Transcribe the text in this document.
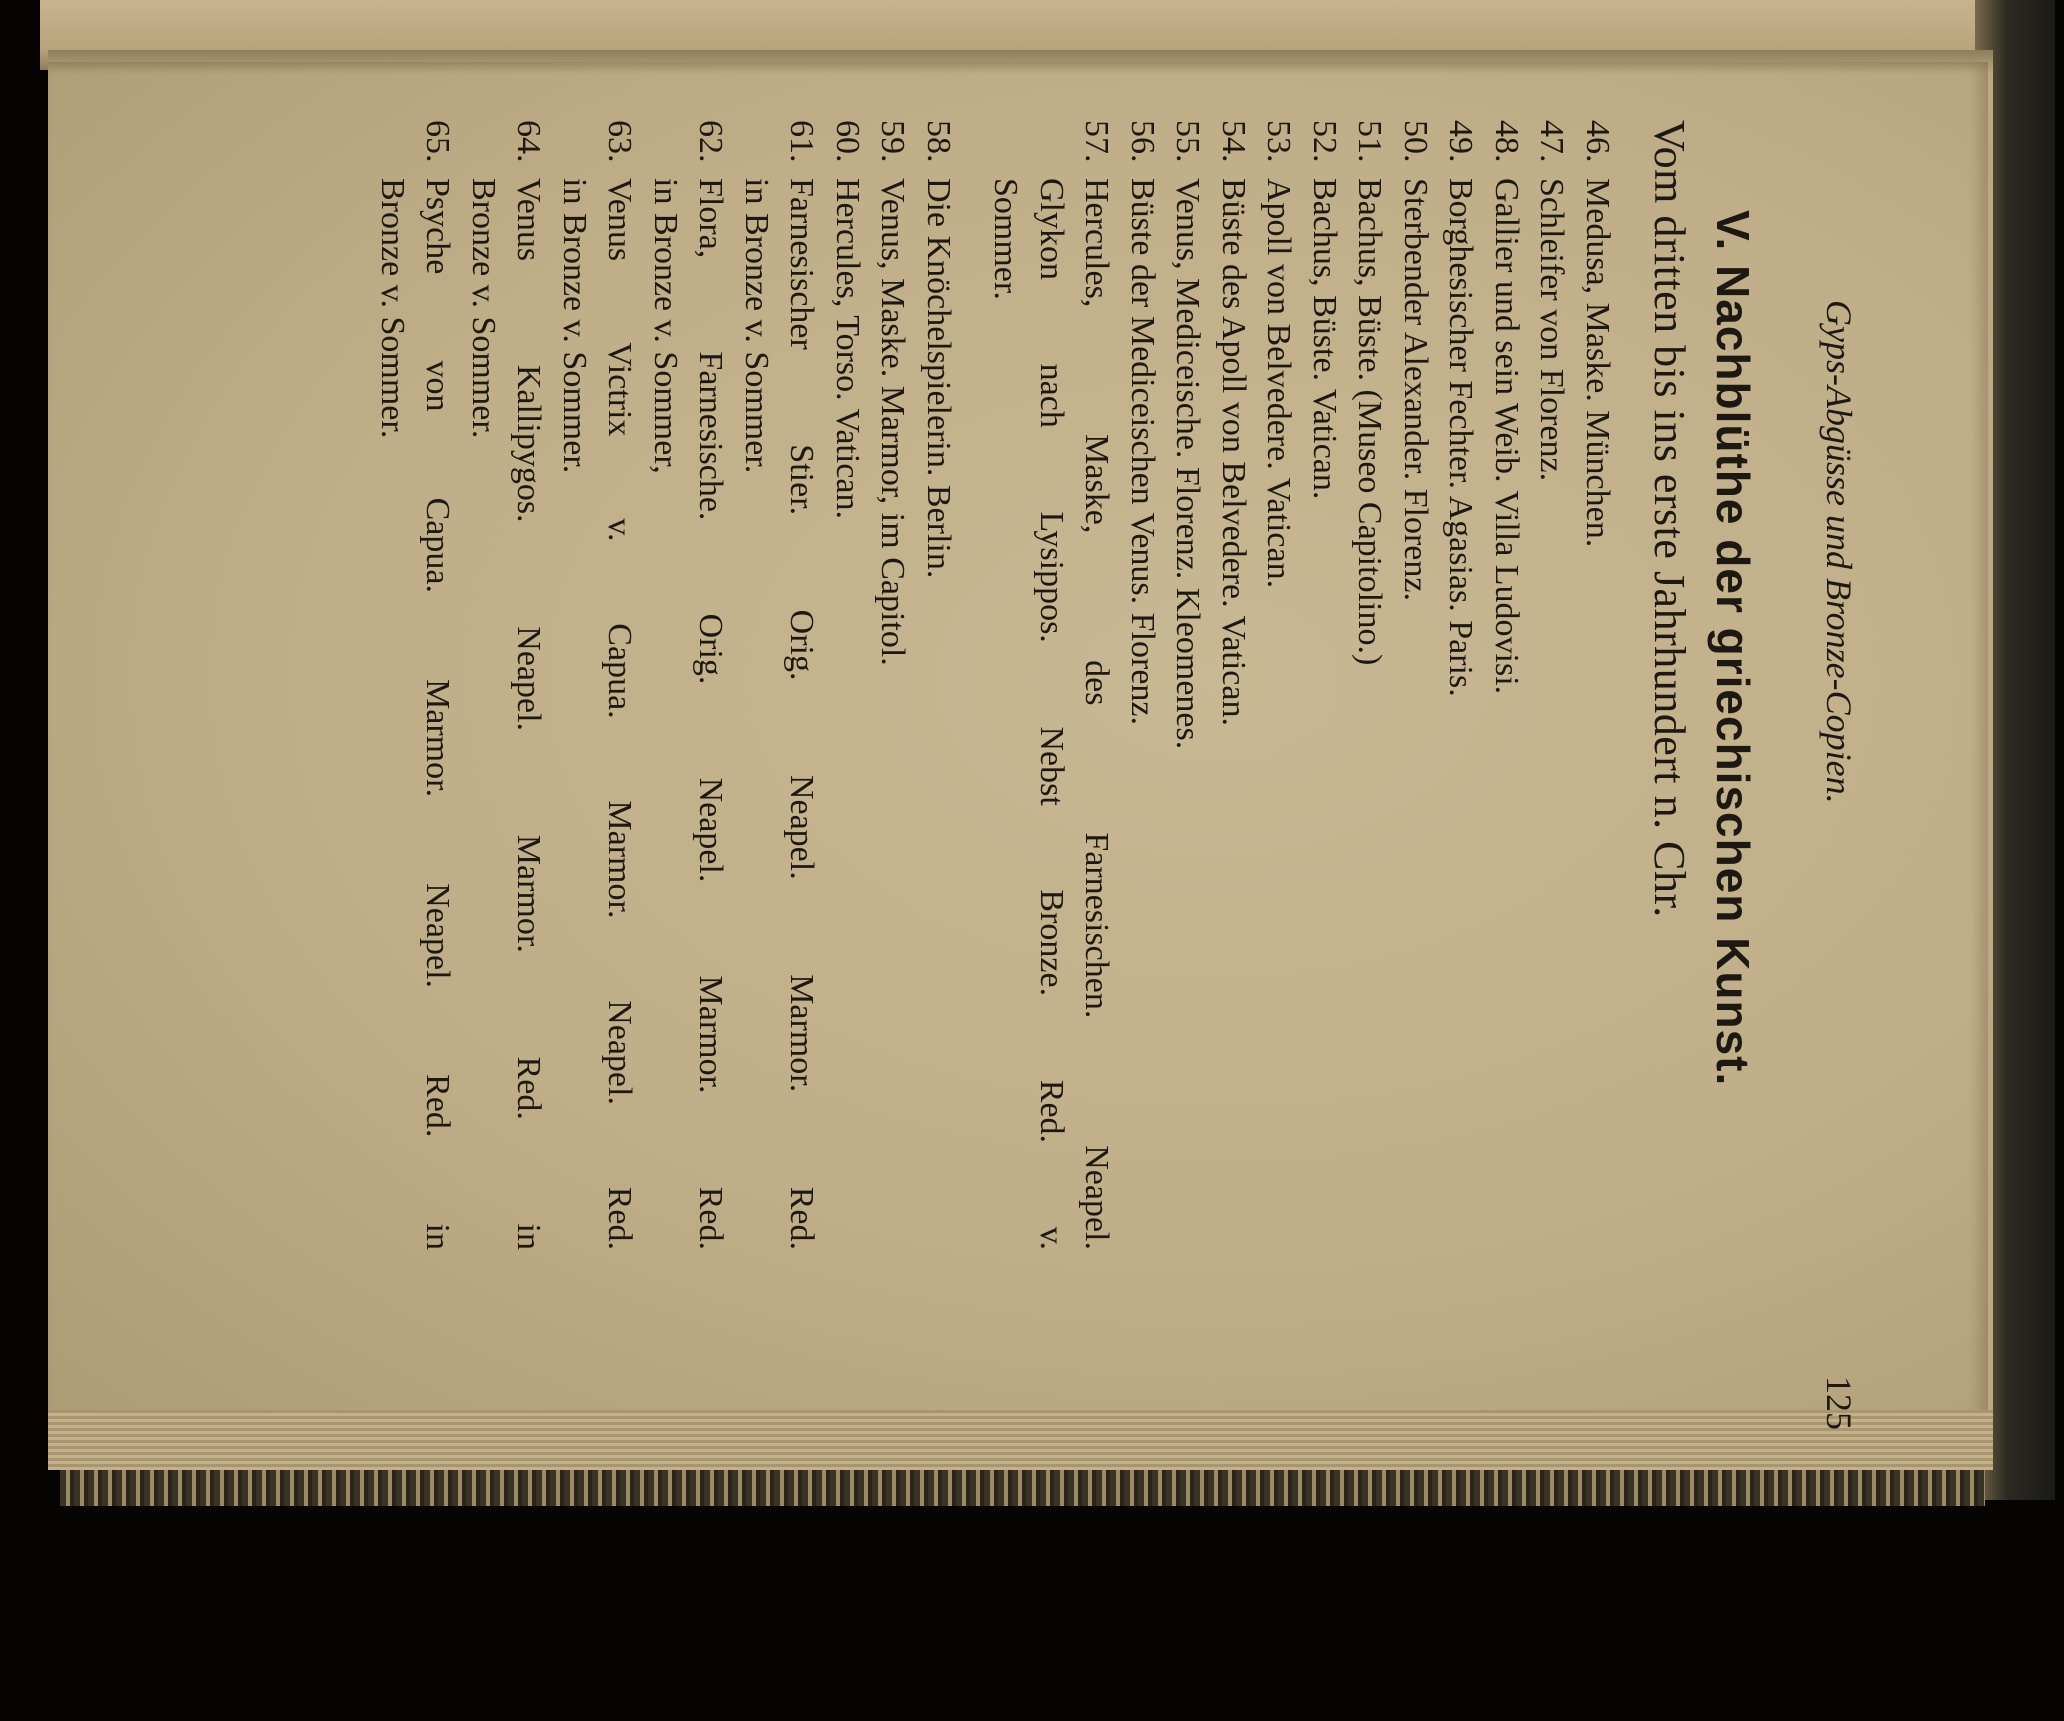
Gyps-Abgüsse und Bronze-Copien.
125
V. Nachblüthe der griechischen Kunst.
Vom dritten bis ins erste Jahrhundert n. Chr.
46.
Medusa, Maske. München.
47.
Schleifer von Florenz.
48.
Gallier und sein Weib. Villa Ludovisi.
49.
Borghesischer Fechter. Agasias. Paris.
50.
Sterbender Alexander. Florenz.
51.
Bachus, Büste. (Museo Capitolino.)
52.
Bachus, Büste. Vatican.
53.
Apoll von Belvedere. Vatican.
54.
Büste des Apoll von Belvedere. Vatican.
55.
Venus, Mediceische. Florenz. Kleomenes.
56.
Büste der Mediceischen Venus. Florenz.
57.
Hercules, Maske, des Farnesischen. Neapel.
Glykon nach Lysippos. Nebst Bronze. Red. v.
Sommer.
58.
Die Knöchelspielerin. Berlin.
59.
Venus, Maske. Marmor, im Capitol.
60.
Hercules, Torso. Vatican.
61.
Farnesischer Stier. Orig. Neapel. Marmor. Red.
in Bronze v. Sommer.
62.
Flora, Farnesische. Orig. Neapel. Marmor. Red.
in Bronze v. Sommer,
63.
Venus Victrix v. Capua. Marmor. Neapel. Red.
in Bronze v. Sommer.
64.
Venus Kallipygos. Neapel. Marmor. Red. in
Bronze v. Sommer.
65.
Psyche von Capua. Marmor. Neapel. Red. in
Bronze v. Sommer.
